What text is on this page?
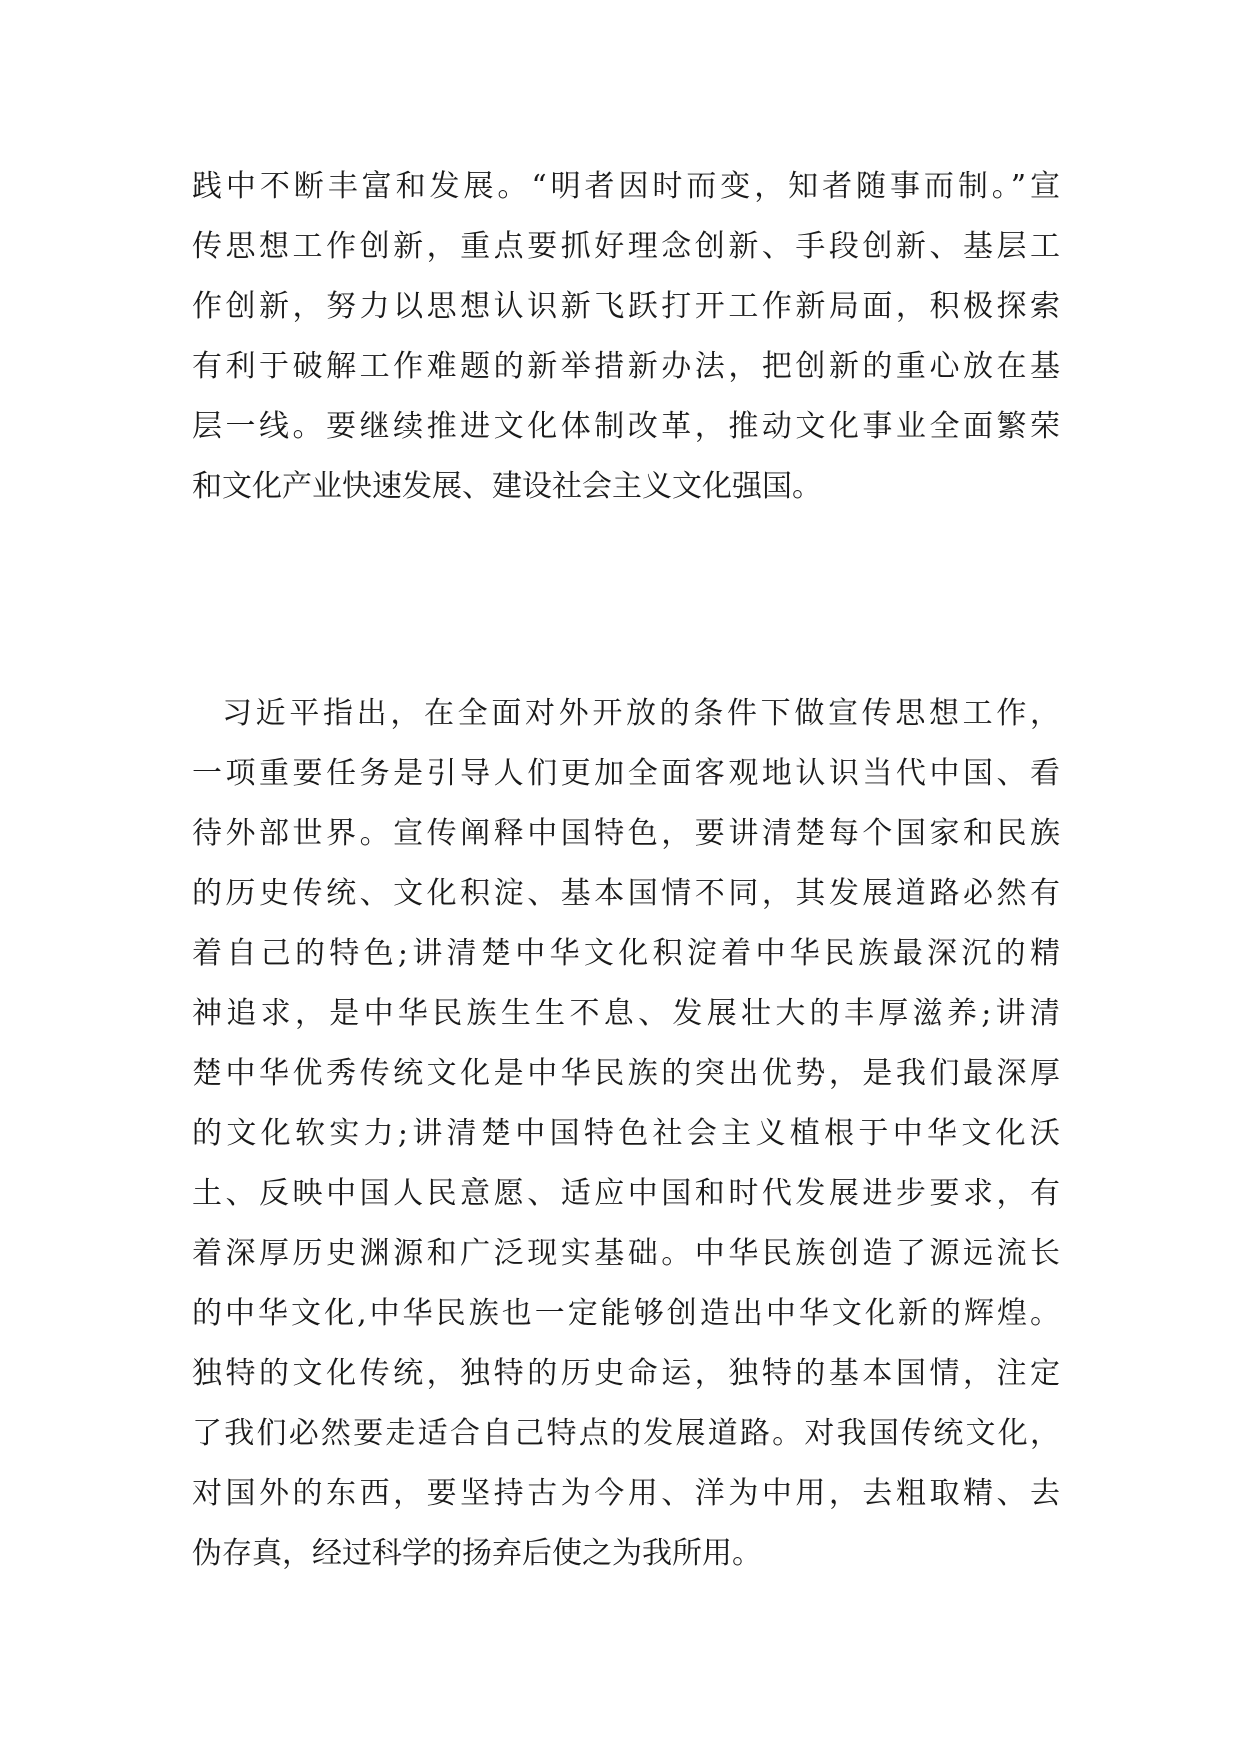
践中不断丰富和发展。“明者因时而变，知者随事而制。”宣
传思想工作创新，重点要抓好理念创新、手段创新、基层工
作创新，努力以思想认识新飞跃打开工作新局面，积极探索
有利于破解工作难题的新举措新办法，把创新的重心放在基
层一线。要继续推进文化体制改革，推动文化事业全面繁荣
和文化产业快速发展、建设社会主义文化强国。
习近平指出，在全面对外开放的条件下做宣传思想工作，
一项重要任务是引导人们更加全面客观地认识当代中国、看
待外部世界。宣传阐释中国特色，要讲清楚每个国家和民族
的历史传统、文化积淀、基本国情不同，其发展道路必然有
着自己的特色;讲清楚中华文化积淀着中华民族最深沉的精
神追求，是中华民族生生不息、发展壮大的丰厚滋养;讲清
楚中华优秀传统文化是中华民族的突出优势，是我们最深厚
的文化软实力;讲清楚中国特色社会主义植根于中华文化沃
土、反映中国人民意愿、适应中国和时代发展进步要求，有
着深厚历史渊源和广泛现实基础。中华民族创造了源远流长
的中华文化,中华民族也一定能够创造出中华文化新的辉煌。
独特的文化传统，独特的历史命运，独特的基本国情，注定
了我们必然要走适合自己特点的发展道路。对我国传统文化，
对国外的东西，要坚持古为今用、洋为中用，去粗取精、去
伪存真，经过科学的扬弃后使之为我所用。
